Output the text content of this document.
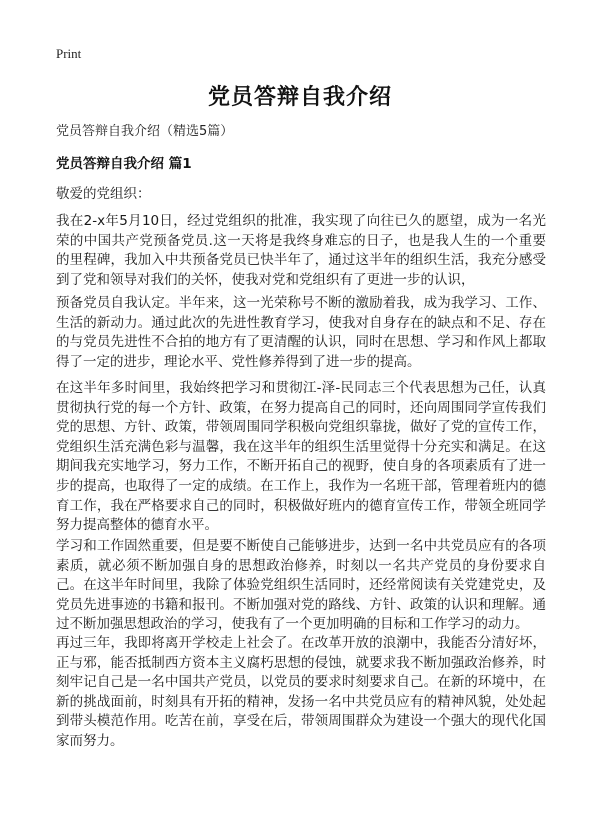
Print
党员答辩自我介绍
党员答辩自我介绍（精选5篇）
党员答辩自我介绍 篇1
敬爱的党组织：
我在2-x年5月10日，经过党组织的批准，我实现了向往已久的愿望，成为一名光荣的中国共产党预备党员.这一天将是我终身难忘的日子，也是我人生的一个重要的里程碑，我加入中共预备党员已快半年了，通过这半年的组织生活，我充分感受到了党和领导对我们的关怀，使我对党和党组织有了更进一步的认识，
预备党员自我认定。半年来，这一光荣称号不断的激励着我，成为我学习、工作、生活的新动力。通过此次的先进性教育学习，使我对自身存在的缺点和不足、存在的与党员先进性不合拍的地方有了更清醒的认识，同时在思想、学习和作风上都取得了一定的进步，理论水平、党性修养得到了进一步的提高。
在这半年多时间里，我始终把学习和贯彻江-泽-民同志三个代表思想为己任，认真贯彻执行党的每一个方针、政策，在努力提高自己的同时，还向周围同学宣传我们党的思想、方针、政策，带领周围同学积极向党组织靠拢，做好了党的宣传工作，党组织生活充满色彩与温馨，我在这半年的组织生活里觉得十分充实和满足。在这期间我充实地学习，努力工作，不断开拓自己的视野，使自身的各项素质有了进一步的提高，也取得了一定的成绩。在工作上，我作为一名班干部，管理着班内的德育工作，我在严格要求自己的同时，积极做好班内的德育宣传工作，带领全班同学努力提高整体的德育水平。
学习和工作固然重要，但是要不断使自己能够进步，达到一名中共党员应有的各项素质，就必须不断加强自身的思想政治修养，时刻以一名共产党员的身份要求自己。在这半年时间里，我除了体验党组织生活同时，还经常阅读有关党建党史，及党员先进事迹的书籍和报刊。不断加强对党的路线、方针、政策的认识和理解。通过不断加强思想政治的学习，使我有了一个更加明确的目标和工作学习的动力。
再过三年，我即将离开学校走上社会了。在改革开放的浪潮中，我能否分清好坏，正与邪，能否抵制西方资本主义腐朽思想的侵蚀，就要求我不断加强政治修养，时刻牢记自己是一名中国共产党员，以党员的要求时刻要求自己。在新的环境中，在新的挑战面前，时刻具有开拓的精神，发扬一名中共党员应有的精神风貌，处处起到带头模范作用。吃苦在前，享受在后，带领周围群众为建设一个强大的现代化国家而努力。
